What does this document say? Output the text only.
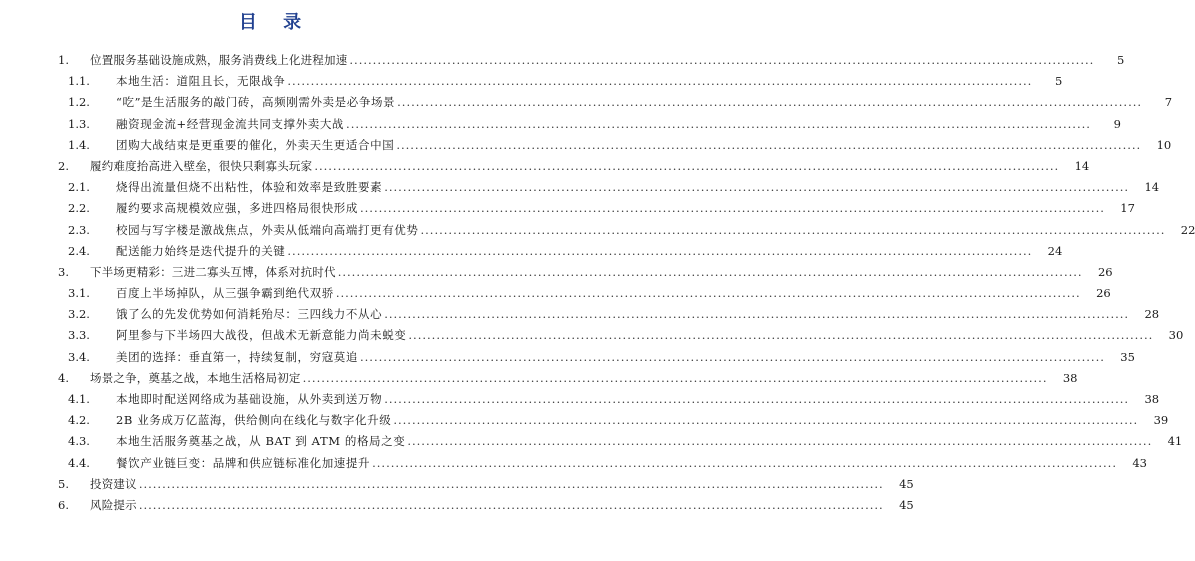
目 录
1.	位置服务基础设施成熟，服务消费线上化进程加速 .....	5
1.1.	本地生活：道阻且长，无限战争 .....	5
1.2.	“吃”是生活服务的敲门砖，高频刚需外卖是必争场景 .....	7
1.3.	融资现金流+经营现金流共同支撑外卖大战 .....	9
1.4.	团购大战结束是更重要的催化，外卖天生更适合中国 .....	10
2.	履约难度抬高进入壁垒，很快只剩寡头玩家 .....	14
2.1.	烧得出流量但烧不出粘性，体验和效率是致胜要素 .....	14
2.2.	履约要求高规模效应强，多进四格局很快形成 .....	17
2.3.	校园与写字楼是激战焦点，外卖从低端向高端打更有优势 .....	22
2.4.	配送能力始终是迭代提升的关键 .....	24
3.	下半场更精彩：三进二寡头互博，体系对抗时代 .....	26
3.1.	百度上半场掉队，从三强争霸到绝代双骄 .....	26
3.2.	饿了么的先发优势如何消耗殆尽：三四线力不从心 .....	28
3.3.	阿里参与下半场四大战役，但战术无新意能力尚未蜕变 .....	30
3.4.	美团的选择：垂直第一，持续复制，穷寇莫追 .....	35
4.	场景之争，奠基之战，本地生活格局初定 .....	38
4.1.	本地即时配送网络成为基础设施，从外卖到送万物 .....	38
4.2.	2B 业务成万亿蓝海，供给侧向在线化与数字化升级 .....	39
4.3.	本地生活服务奠基之战，从 BAT 到 ATM 的格局之变 .....	41
4.4.	餐饮产业链巨变：品牌和供应链标准化加速提升 .....	43
5.	投资建议 .....	45
6.	风险提示 .....	45
